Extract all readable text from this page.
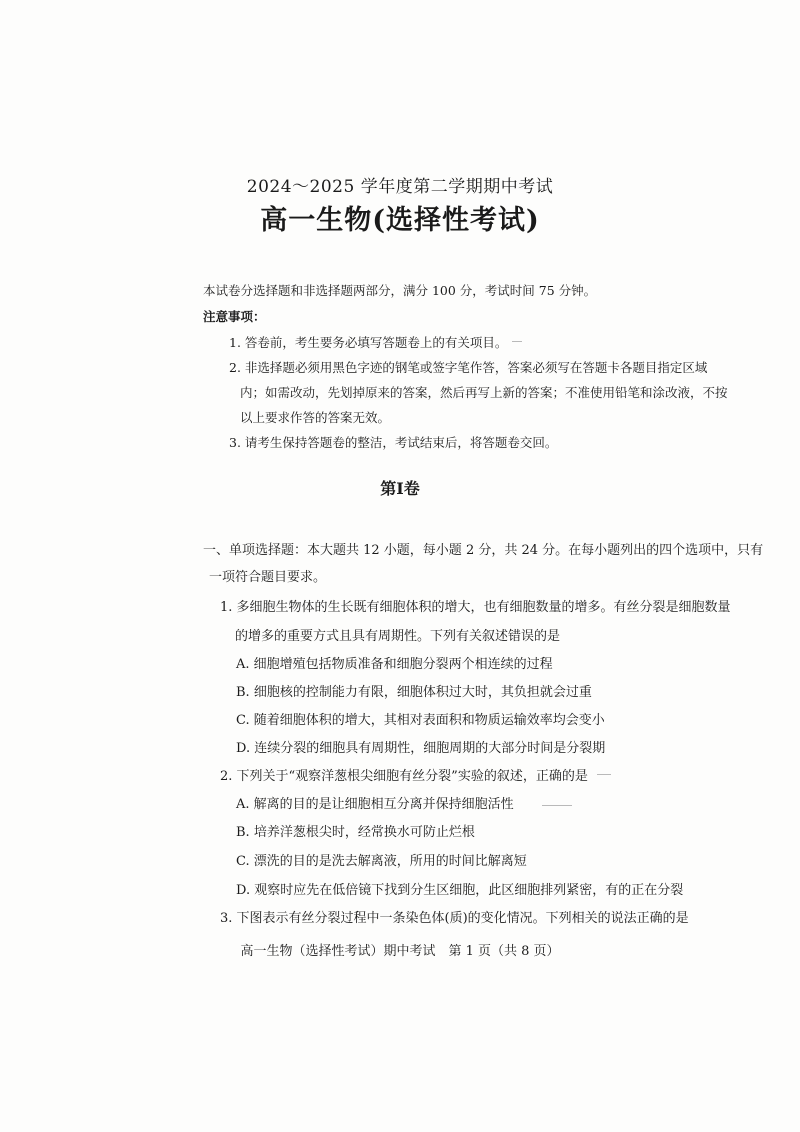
2024～2025 学年度第二学期期中考试
高一生物(选择性考试)
本试卷分选择题和非选择题两部分，满分 100 分，考试时间 75 分钟。
注意事项：
1. 答卷前，考生要务必填写答题卷上的有关项目。
2. 非选择题必须用黑色字迹的钢笔或签字笔作答，答案必须写在答题卡各题目指定区域
内；如需改动，先划掉原来的答案，然后再写上新的答案；不准使用铅笔和涂改液，不按
以上要求作答的答案无效。
3. 请考生保持答题卷的整洁，考试结束后，将答题卷交回。
第Ⅰ卷
一、单项选择题：本大题共 12 小题，每小题 2 分，共 24 分。在每小题列出的四个选项中，只有
一项符合题目要求。
1. 多细胞生物体的生长既有细胞体积的增大，也有细胞数量的增多。有丝分裂是细胞数量
的增多的重要方式且具有周期性。下列有关叙述错误的是
A. 细胞增殖包括物质准备和细胞分裂两个相连续的过程
B. 细胞核的控制能力有限，细胞体积过大时，其负担就会过重
C. 随着细胞体积的增大，其相对表面积和物质运输效率均会变小
D. 连续分裂的细胞具有周期性，细胞周期的大部分时间是分裂期
2. 下列关于“观察洋葱根尖细胞有丝分裂”实验的叙述，正确的是
A. 解离的目的是让细胞相互分离并保持细胞活性
B. 培养洋葱根尖时，经常换水可防止烂根
C. 漂洗的目的是洗去解离液，所用的时间比解离短
D. 观察时应先在低倍镜下找到分生区细胞，此区细胞排列紧密，有的正在分裂
3. 下图表示有丝分裂过程中一条染色体(质)的变化情况。下列相关的说法正确的是
高一生物（选择性考试）期中考试　第 1 页（共 8 页）
